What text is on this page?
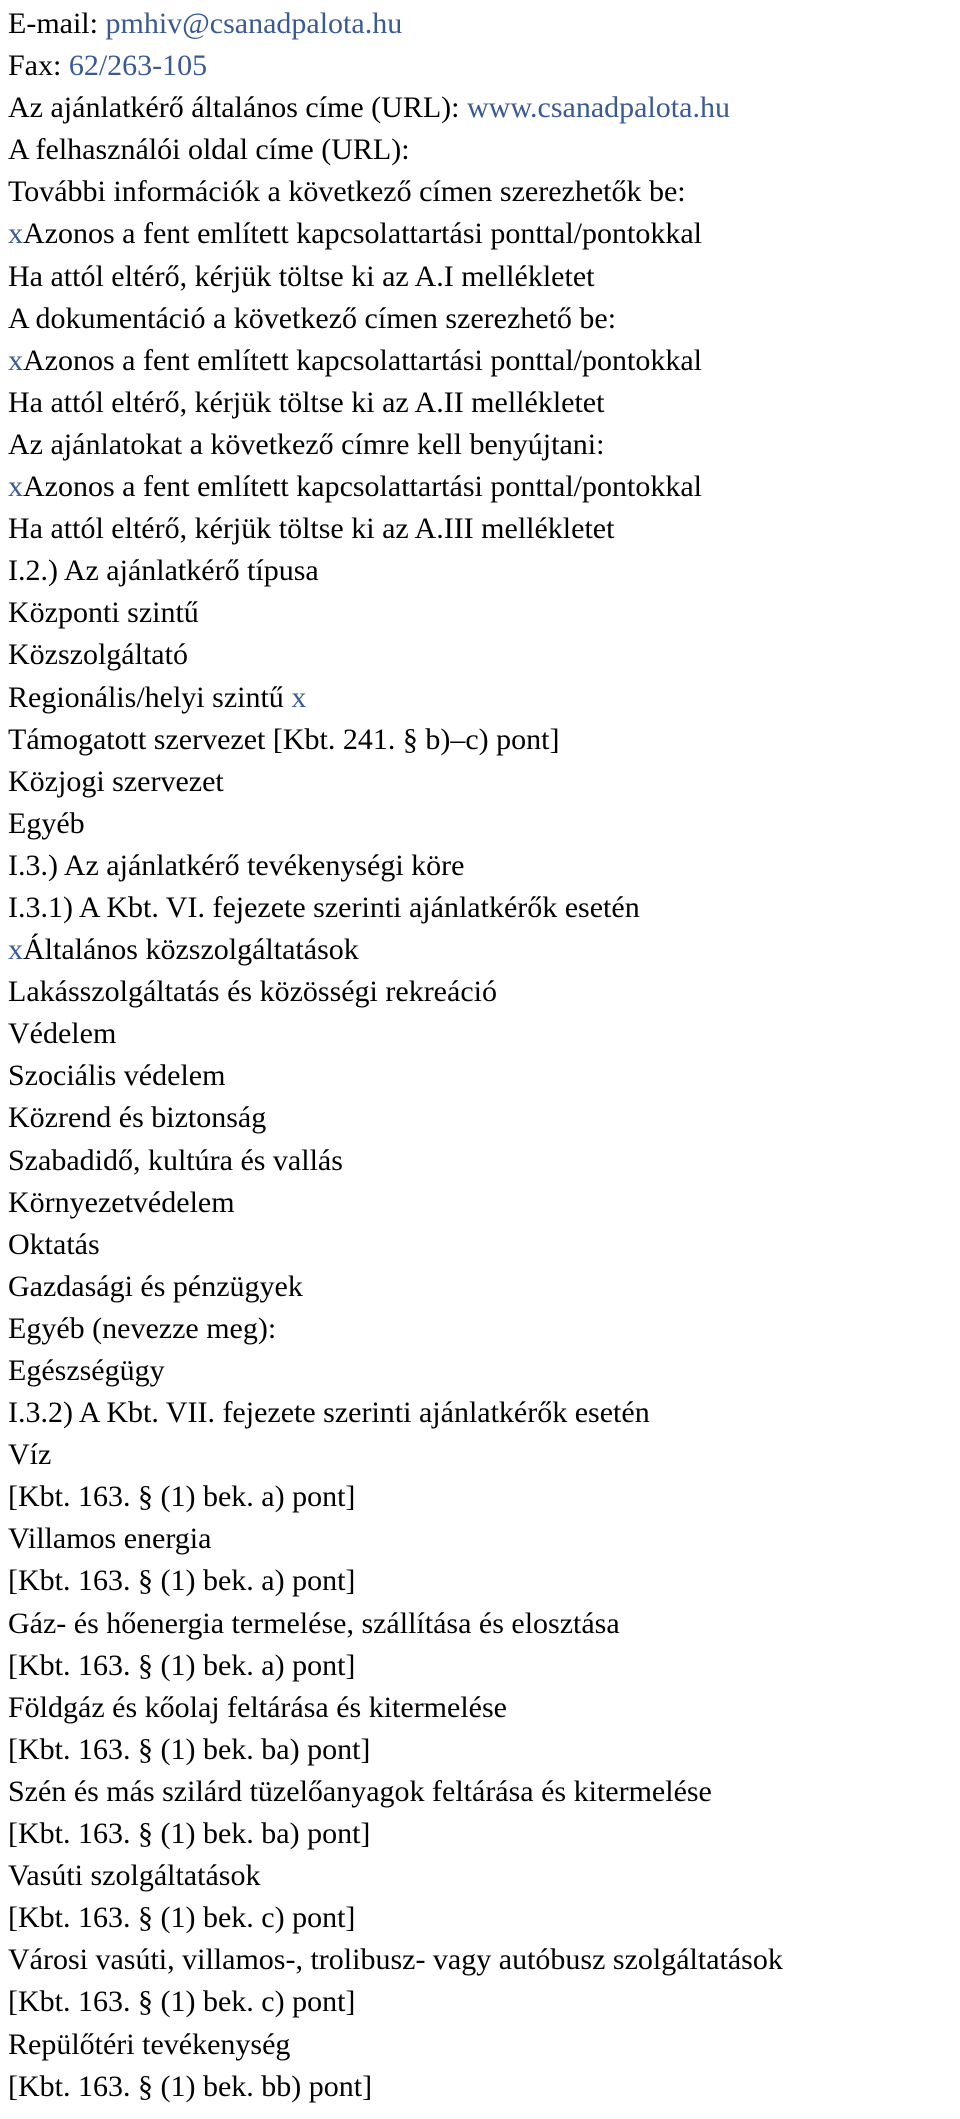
E-mail: pmhiv@csanadpalota.hu
Fax: 62/263-105
Az ajánlatkérő általános címe (URL): www.csanadpalota.hu
A felhasználói oldal címe (URL):
További információk a következő címen szerezhetők be:
xAzonos a fent említett kapcsolattartási ponttal/pontokkal
Ha attól eltérő, kérjük töltse ki az A.I mellékletet
A dokumentáció a következő címen szerezhető be:
xAzonos a fent említett kapcsolattartási ponttal/pontokkal
Ha attól eltérő, kérjük töltse ki az A.II mellékletet
Az ajánlatokat a következő címre kell benyújtani:
xAzonos a fent említett kapcsolattartási ponttal/pontokkal
Ha attól eltérő, kérjük töltse ki az A.III mellékletet
I.2.) Az ajánlatkérő típusa
Központi szintű
Közszolgáltató
Regionális/helyi szintű x
Támogatott szervezet [Kbt. 241. § b)–c) pont]
Közjogi szervezet
Egyéb
I.3.) Az ajánlatkérő tevékenységi köre
I.3.1) A Kbt. VI. fejezete szerinti ajánlatkérők esetén
xÁltalános közszolgáltatások
Lakásszolgáltatás és közösségi rekreáció
Védelem
Szociális védelem
Közrend és biztonság
Szabadidő, kultúra és vallás
Környezetvédelem
Oktatás
Gazdasági és pénzügyek
Egyéb (nevezze meg):
Egészségügy
I.3.2) A Kbt. VII. fejezete szerinti ajánlatkérők esetén
Víz
[Kbt. 163. § (1) bek. a) pont]
Villamos energia
[Kbt. 163. § (1) bek. a) pont]
Gáz- és hőenergia termelése, szállítása és elosztása
[Kbt. 163. § (1) bek. a) pont]
Földgáz és kőolaj feltárása és kitermelése
[Kbt. 163. § (1) bek. ba) pont]
Szén és más szilárd tüzelőanyagok feltárása és kitermelése
[Kbt. 163. § (1) bek. ba) pont]
Vasúti szolgáltatások
[Kbt. 163. § (1) bek. c) pont]
Városi vasúti, villamos-, trolibusz- vagy autóbusz szolgáltatások
[Kbt. 163. § (1) bek. c) pont]
Repülőtéri tevékenység
[Kbt. 163. § (1) bek. bb) pont]
